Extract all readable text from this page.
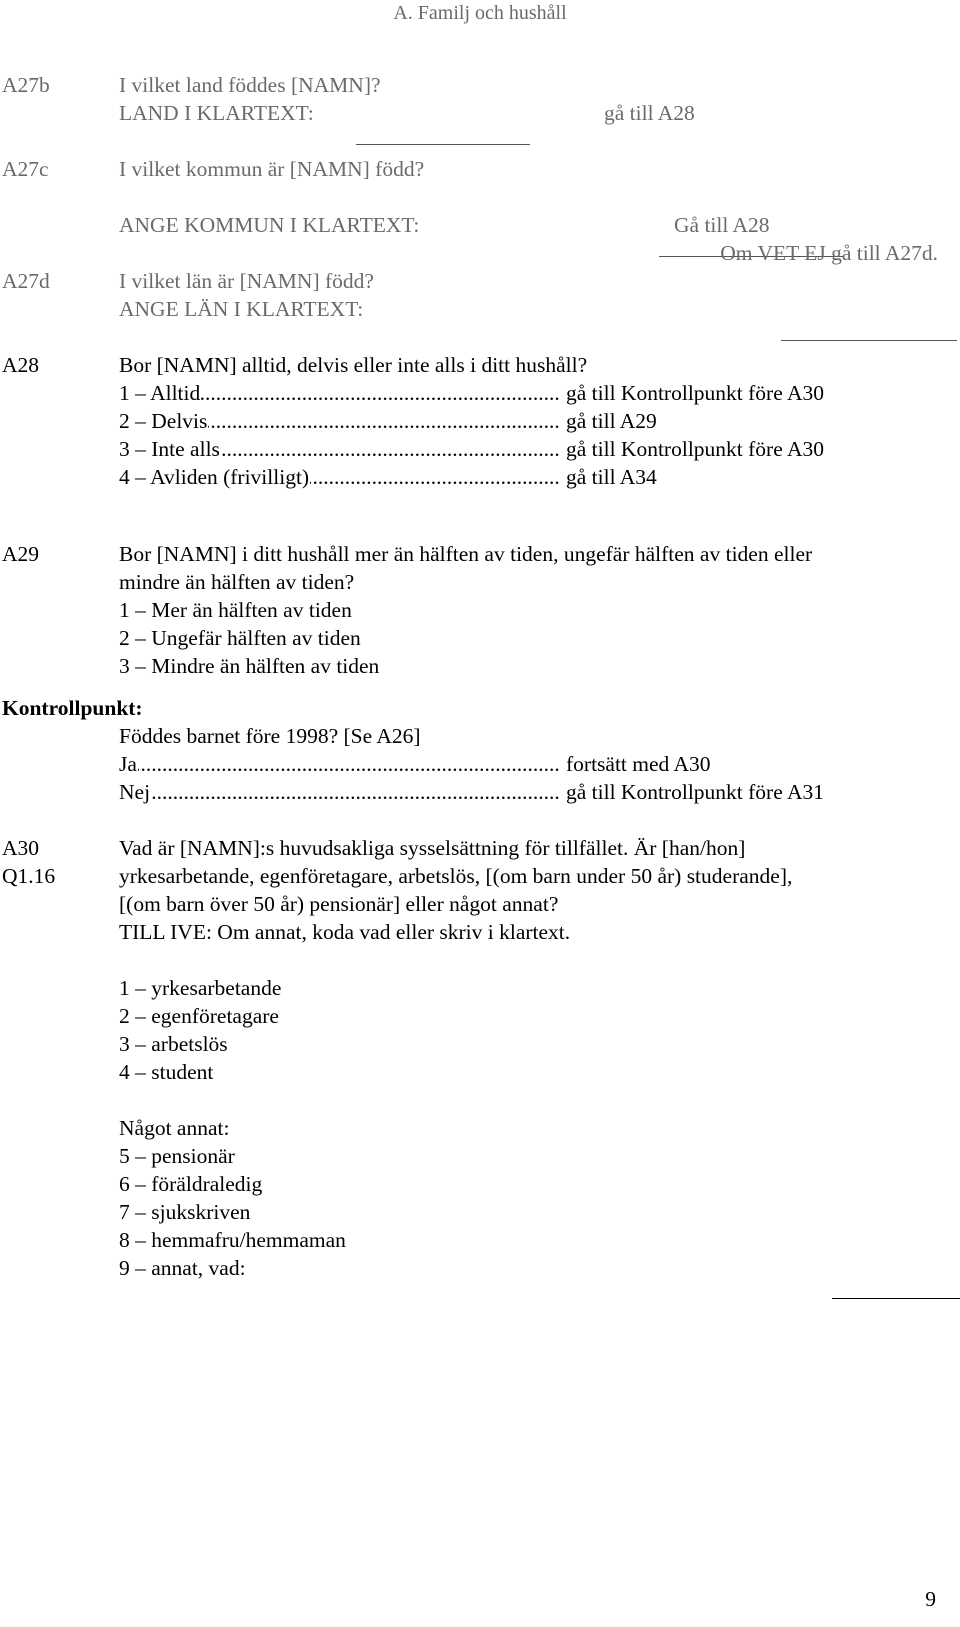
A. Familj och hushåll
A27b	I vilket land föddes [NAMN]?
LAND I KLARTEXT:
	gå till A28
A27c	I vilket kommun är [NAMN] född?
ANGE KOMMUN I KLARTEXT:
	Gå till A28
Om VET EJ gå till A27d.
A27d	I vilket län är [NAMN] född?
ANGE LÄN I KLARTEXT:

A28	Bor [NAMN] alltid, delvis eller inte alls i ditt hushåll?
1 – Alltid .....	gå till Kontrollpunkt före A30
2 – Delvis .....	gå till A29
3 – Inte alls .....	gå till Kontrollpunkt före A30
4 – Avliden (frivilligt) .....	gå till A34
A29	Bor [NAMN] i ditt hushåll mer än hälften av tiden, ungefär hälften av tiden eller
mindre än hälften av tiden?
1 – Mer än hälften av tiden
2 – Ungefär hälften av tiden
3 – Mindre än hälften av tiden
Kontrollpunkt:
Föddes barnet före 1998? [Se A26]
Ja .....	fortsätt med A30
Nej .....	gå till Kontrollpunkt före A31
A30
Q1.16
Vad är [NAMN]:s huvudsakliga sysselsättning för tillfället. Är [han/hon]
yrkesarbetande, egenföretagare, arbetslös, [(om barn under 50 år) studerande],
[(om barn över 50 år) pensionär] eller något annat?
TILL IVE: Om annat, koda vad eller skriv i klartext.
1 – yrkesarbetande
2 – egenföretagare
3 – arbetslös
4 – student
Något annat:
5 – pensionär
6 – föräldraledig
7 – sjukskriven
8 – hemmafru/hemmaman
9 – annat, vad:
9
